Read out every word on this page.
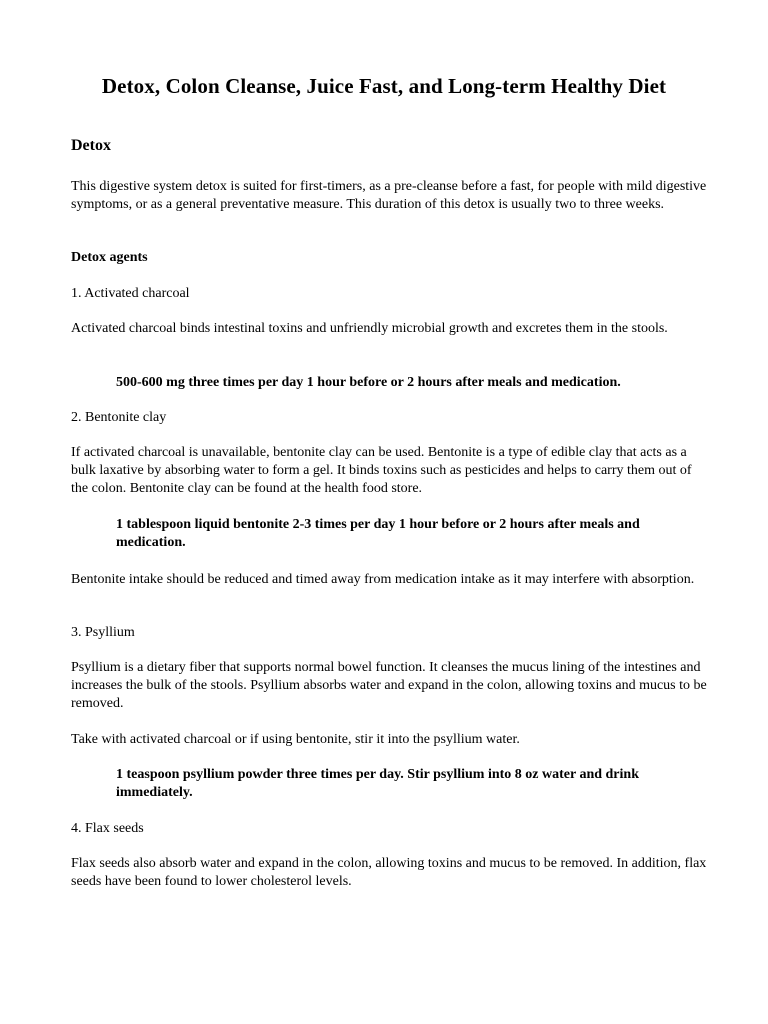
Detox, Colon Cleanse, Juice Fast, and Long-term Healthy Diet
Detox

This digestive system detox is suited for first-timers, as a pre-cleanse before a fast, for people with mild digestive symptoms, or as a general preventative measure. This duration of this detox is usually two to three weeks.

Detox agents

1. Activated charcoal

Activated charcoal binds intestinal toxins and unfriendly microbial growth and excretes them in the stools.

500-600 mg three times per day 1 hour before or 2 hours after meals and medication.

2. Bentonite clay

If activated charcoal is unavailable, bentonite clay can be used. Bentonite is a type of edible clay that acts as a bulk laxative by absorbing water to form a gel. It binds toxins such as pesticides and helps to carry them out of the colon. Bentonite clay can be found at the health food store.

1 tablespoon liquid bentonite 2-3 times per day 1 hour before or 2 hours after meals and medication.

Bentonite intake should be reduced and timed away from medication intake as it may interfere with absorption.

3. Psyllium

Psyllium is a dietary fiber that supports normal bowel function. It cleanses the mucus lining of the intestines and increases the bulk of the stools. Psyllium absorbs water and expand in the colon, allowing toxins and mucus to be removed.

Take with activated charcoal or if using bentonite, stir it into the psyllium water.

1 teaspoon psyllium powder three times per day. Stir psyllium into 8 oz water and drink immediately.

4. Flax seeds

Flax seeds also absorb water and expand in the colon, allowing toxins and mucus to be removed. In addition, flax seeds have been found to lower cholesterol levels.
